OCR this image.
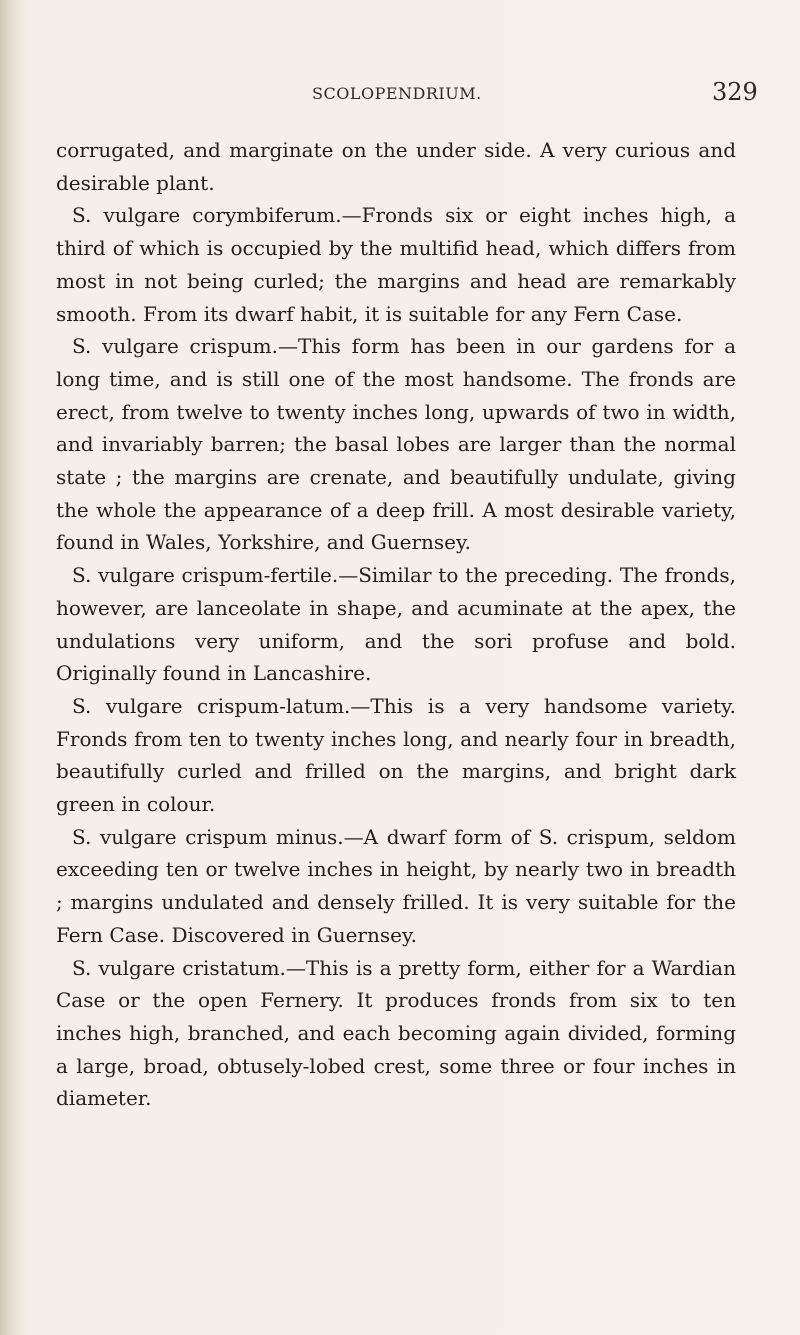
SCOLOPENDRIUM.	329

corrugated, and marginate on the under side. A very curious and desirable plant.

S. vulgare corymbiferum.—Fronds six or eight inches high, a third of which is occupied by the multifid head, which differs from most in not being curled; the margins and head are remarkably smooth. From its dwarf habit, it is suitable for any Fern Case.

S. vulgare crispum.—This form has been in our gardens for a long time, and is still one of the most handsome. The fronds are erect, from twelve to twenty inches long, upwards of two in width, and invariably barren; the basal lobes are larger than the normal state ; the margins are crenate, and beautifully undulate, giving the whole the appearance of a deep frill. A most desirable variety, found in Wales, Yorkshire, and Guernsey.

S. vulgare crispum-fertile.—Similar to the preceding. The fronds, however, are lanceolate in shape, and acuminate at the apex, the undulations very uniform, and the sori profuse and bold. Originally found in Lancashire.

S. vulgare crispum-latum.—This is a very handsome variety. Fronds from ten to twenty inches long, and nearly four in breadth, beautifully curled and frilled on the margins, and bright dark green in colour.

S. vulgare crispum minus.—A dwarf form of S. crispum, seldom exceeding ten or twelve inches in height, by nearly two in breadth ; margins undulated and densely frilled. It is very suitable for the Fern Case. Discovered in Guernsey.

S. vulgare cristatum.—This is a pretty form, either for a Wardian Case or the open Fernery. It produces fronds from six to ten inches high, branched, and each becoming again divided, forming a large, broad, obtusely-lobed crest, some three or four inches in diameter.
